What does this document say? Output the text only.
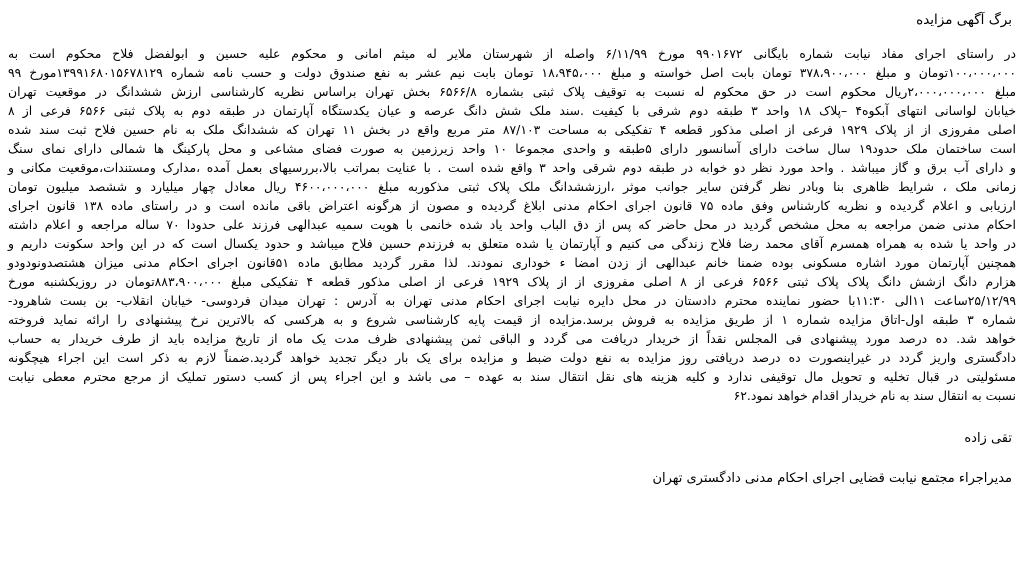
برگ آگهی مزایده
در راستای اجرای مفاد نیابت شماره بایگانی ۹۹۰۱۶۷۲ مورخ ۶/۱۱/۹۹ واصله از شهرستان ملایر له میثم امانی و محکوم علیه حسین و ابولفضل فلاح محکوم است به
۱۰۰،۰۰۰،۰۰۰تومان و مبلغ ۳۷۸،۹۰۰،۰۰۰ تومان بابت اصل خواسته و مبلغ ۱۸،۹۴۵،۰۰۰ تومان بابت نیم عشر به نفع صندوق دولت و حسب نامه شماره ۱۳۹۹۱۶۸۰۱۵۶۷۸۱۲۹مورخ ۹۹
مبلغ ۲،۰۰۰،۰۰۰،۰۰۰ریال محکوم است در حق محکوم له نسبت به توقیف پلاک ثبتی بشماره ۶۵۶۶/۸ بخش تهران براساس نظریه کارشناسی ارزش ششدانگ در موقعیت تهران
خیابان لواسانی انتهای آبکوه۴ –پلاک ۱۸ واحد ۳ طبقه دوم شرقی با کیفیت .سند ملک شش دانگ عرصه و عیان یکدستگاه آپارتمان در طبقه دوم به پلاک ثبتی ۶۵۶۶ فرعی از ۸
اصلی مفروزی از از پلاک ۱۹۲۹ فرعی از اصلی مذکور قطعه ۴ تفکیکی به مساحت ۸۷/۱۰۳ متر مربع واقع در بخش ۱۱ تهران که ششدانگ ملک به نام حسین فلاح ثبت سند شده
است ساختمان ملک حدود۱۹ سال ساخت دارای آسانسور دارای ۵طبقه و واحدی مجموعا ۱۰ واحد زیرزمین به صورت فضای مشاعی و محل پارکینگ ها شمالی دارای نمای سنگ
و دارای آب برق و گاز میباشد . واحد مورد نظر دو خوابه در طبقه دوم شرقی واحد ۳ واقع شده است . با عنایت بمراتب بالا،بررسیهای بعمل آمده ،مدارک ومستندات،موقعیت مکانی و
زمانی ملک ، شرایط ظاهری بنا وبادر نظر گرفتن سایر جوانب موثر ،ارزششدانگ ملک پلاک ثبتی مذکوربه مبلغ ۴۶۰۰،۰۰۰،۰۰۰ ریال معادل چهار میلیارد و ششصد میلیون تومان
ارزیابی و اعلام گردیده و نظریه کارشناس وفق ماده ۷۵ قانون اجرای احکام مدنی ابلاغ گردیده و مصون از هرگونه اعتراض باقی مانده است و در راستای ماده ۱۳۸ قانون اجرای
احکام مدنی ضمن مراجعه به محل مشخص گردید در محل حاضر که پس از دق الباب واحد یاد شده خانمی با هویت سمیه عبدالهی فرزند علی حدودا ۷۰ ساله مراجعه و اعلام داشته
در واحد یا شده به همراه همسرم آقای محمد رضا فلاح زندگی می کنیم و آپارتمان یا شده متعلق به فرزندم حسین فلاح میباشد و حدود یکسال است که در این واحد سکونت داریم و
همچنین آپارتمان مورد اشاره مسکونی بوده ضمنا خانم عبدالهی از زدن امضا ء خوداری نمودند. لذا مقرر گردید مطابق ماده ۵۱قانون اجرای احکام مدنی میزان هشتصدونودودو
هزارم دانگ ازشش دانگ پلاک پلاک ثبتی ۶۵۶۶ فرعی از ۸ اصلی مفروزی از از پلاک ۱۹۲۹ فرعی از اصلی مذکور قطعه ۴ تفکیکی مبلغ ۸۸۳،۹۰۰،۰۰۰تومان در روزیکشنبه مورخ
۲۵/۱۲/۹۹ساعت ۱۱الی ۱۱:۳۰با حضور نماینده محترم دادستان در محل دایره نیابت اجرای احکام مدنی تهران به آدرس : تهران میدان فردوسی- خیابان انقلاب- بن بست شاهرود-
شماره ۳ طبقه اول-اتاق مزایده شماره ۱ از طریق مزایده به فروش برسد.مزایده از قیمت پایه کارشناسی شروع و به هرکسی که بالاترین نرخ پیشنهادی را ارائه نماید فروخته
خواهد شد. ده درصد مورد پیشنهادی فی المجلس نقداً از خریدار دریافت می گردد و الباقی ثمن پیشنهادی ظرف مدت یک ماه از تاریخ مزایده باید از طرف خریدار به حساب
دادگستری واریز گردد در غیراینصورت ده درصد دریافتی روز مزایده به نفع دولت ضبط و مزایده برای یک بار دیگر تجدید خواهد گردید.ضمناً لازم به ذکر است این اجراء هیچگونه
مسئولیتی در قبال تخلیه و تحویل مال توقیفی ندارد و کلیه هزینه های نقل انتقال سند به عهده – می باشد و این اجراء پس از کسب دستور تملیک از مرجع محترم معطی نیابت
نسبت به انتقال سند به نام خریدار اقدام خواهد نمود.۶۲
تقی زاده
مدیراجراء مجتمع نیابت قضایی اجرای احکام مدنی دادگستری تهران
